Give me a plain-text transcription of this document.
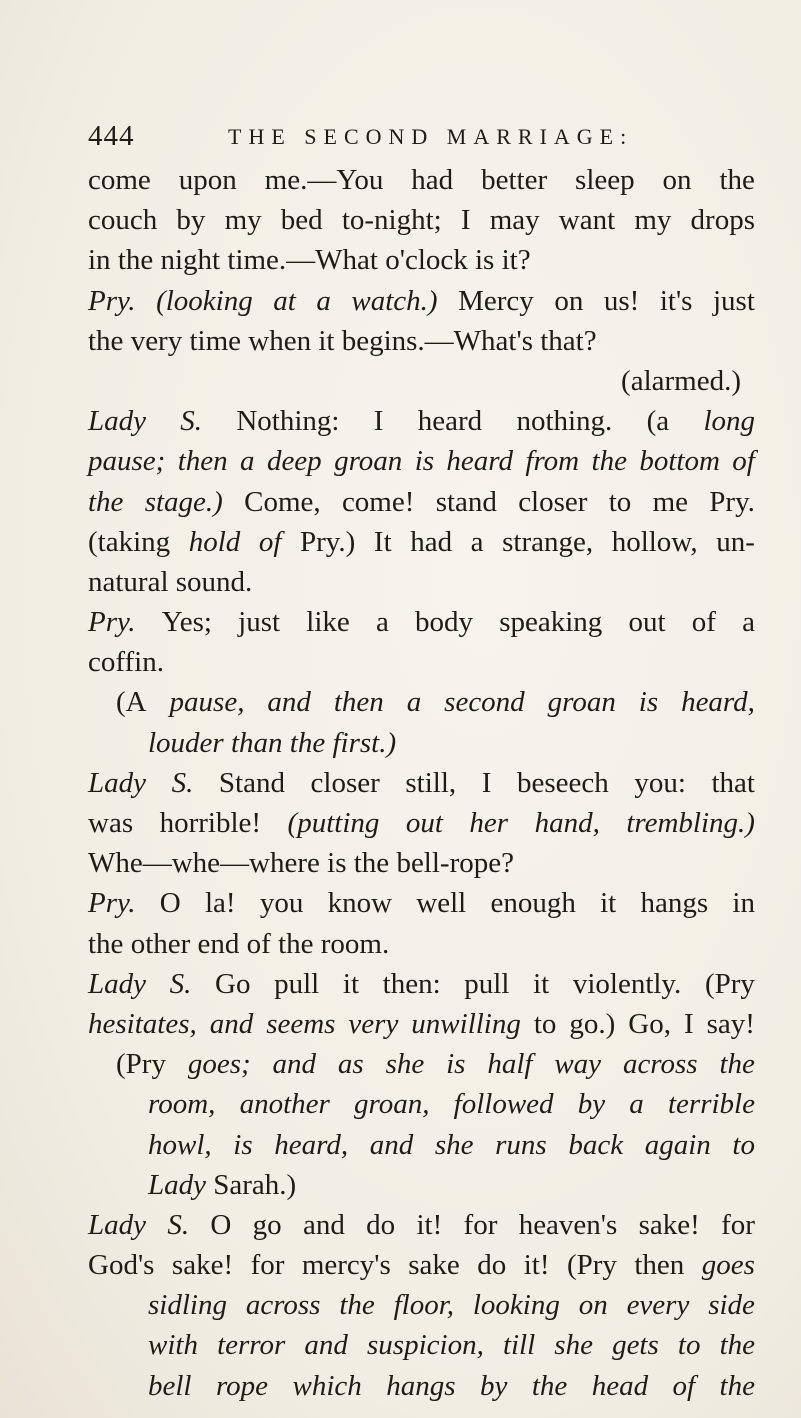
444	THE SECOND MARRIAGE:
come upon me.—You had better sleep on the
couch by my bed to-night; I may want my drops
in the night time.—What o'clock is it?
Pry. (looking at a watch.) Mercy on us! it's just
the very time when it begins.—What's that?
(alarmed.)
Lady S. Nothing: I heard nothing. (a long
pause; then a deep groan is heard from the bottom of
the stage.) Come, come! stand closer to me Pry.
(taking hold of Pry.) It had a strange, hollow, un-
natural sound.
Pry. Yes; just like a body speaking out of a
coffin.
(A pause, and then a second groan is heard,
louder than the first.)
Lady S. Stand closer still, I beseech you: that
was horrible! (putting out her hand, trembling.)
Whe—whe—where is the bell-rope?
Pry. O la! you know well enough it hangs in
the other end of the room.
Lady S. Go pull it then: pull it violently. (Pry
hesitates, and seems very unwilling to go.) Go, I say!
(Pry goes; and as she is half way across the
room, another groan, followed by a terrible
howl, is heard, and she runs back again to
Lady Sarah.)
Lady S. O go and do it! for heaven's sake! for
God's sake! for mercy's sake do it! (Pry then goes
sidling across the floor, looking on every side
with terror and suspicion, till she gets to the
bell rope which hangs by the head of the
